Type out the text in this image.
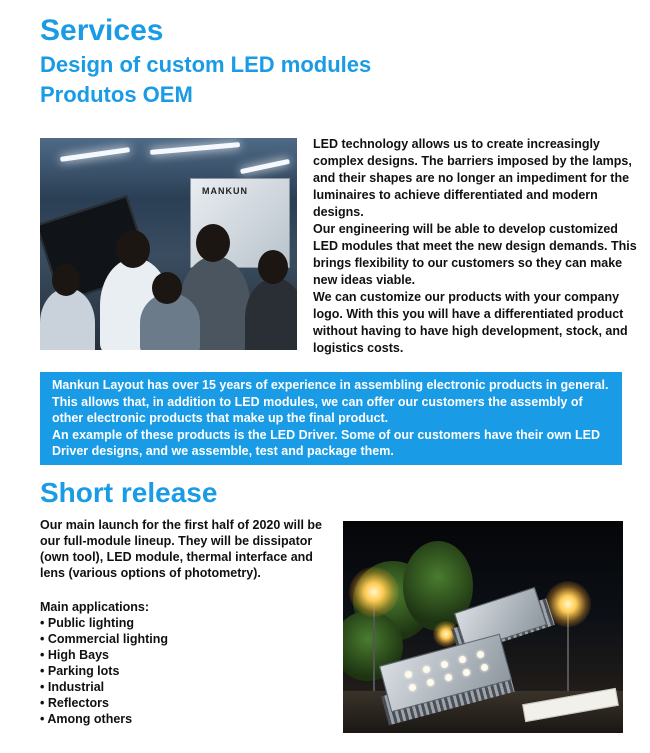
Services
Design of custom LED modules
Produtos OEM
MANKUN

LED technology allows us to create increasingly complex designs. The barriers imposed by the lamps, and their shapes are no longer an impediment for the luminaires to achieve differentiated and modern designs.
Our engineering will be able to develop customized LED modules that meet the new design demands. This brings flexibility to our customers so they can make new ideas viable.
We can customize our products with your company logo. With this you will have a differentiated product without having to have high development, stock, and logistics costs.

Mankun Layout has over 15 years of experience in assembling electronic products in general. This allows that, in addition to LED modules, we can offer our customers the assembly of other electronic products that make up the final product.
An example of these products is the LED Driver. Some of our customers have their own LED Driver designs, and we assemble, test and package them.

Short release
Our main launch for the first half of 2020 will be our full-module lineup. They will be dissipator (own tool), LED module, thermal interface and lens (various options of photometry).
Main applications:
• Public lighting
• Commercial lighting
• High Bays
• Parking lots
• Industrial
• Reflectors
• Among others
